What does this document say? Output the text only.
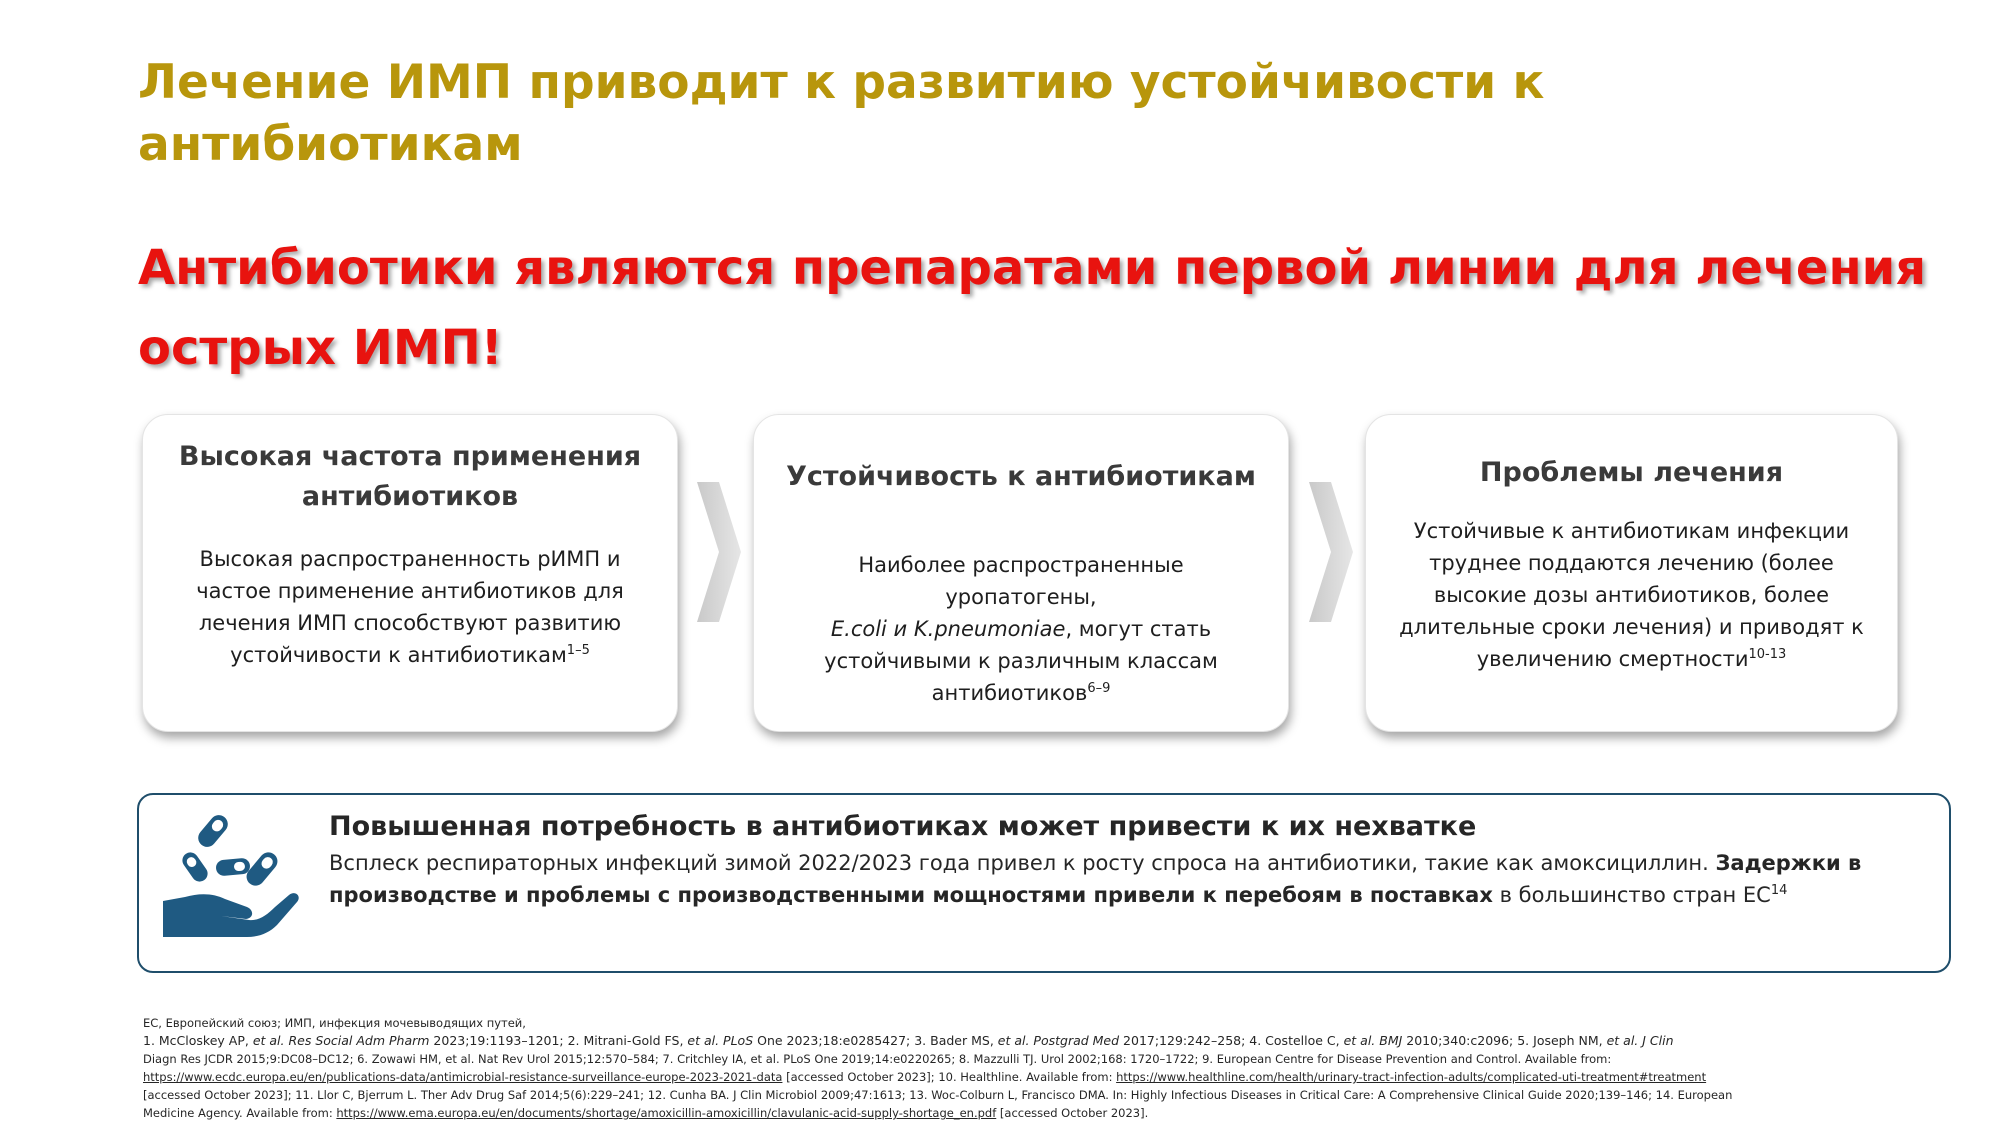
Лечение ИМП приводит к развитию устойчивости к
антибиотикам
Антибиотики являются препаратами первой линии для лечения
острых ИМП!
Высокая частота применения
антибиотиков

Высокая распространенность рИМП и
частое применение антибиотиков для
лечения ИМП способствуют развитию
устойчивости к антибиотикам$^{1-5}$

Устойчивость к антибиотикам

Наиболее распространенные
уропатогены,
E.coli и K.pneumoniae, могут стать
устойчивыми к различным классам
антибиотиков$^{6-9}$

Проблемы лечения

Устойчивые к антибиотикам инфекции
труднее поддаются лечению (более
высокие дозы антибиотиков, более
длительные сроки лечения) и приводят к
увеличению смертности$^{10-13}$

Повышенная потребность в антибиотиках может привести к их нехватке

Всплеск респираторных инфекций зимой 2022/2023 года привел к росту спроса на антибиотики, такие как амоксициллин. Задержки в
производстве и проблемы с производственными мощностями привели к перебоям в поставках в большинство стран ЕС$^{14}$

ЕС, Европейский союз; ИМП, инфекция мочевыводящих путей,
1. McCloskey AP, et al. Res Social Adm Pharm 2023;19:1193–1201; 2. Mitrani-Gold FS, et al. PLoS One 2023;18:e0285427; 3. Bader MS, et al. Postgrad Med 2017;129:242–258; 4. Costelloe C, et al. BMJ 2010;340:c2096; 5. Joseph NM, et al. J Clin
Diagn Res JCDR 2015;9:DC08–DC12; 6. Zowawi HM, et al. Nat Rev Urol 2015;12:570–584; 7. Critchley IA, et al. PLoS One 2019;14:e0220265; 8. Mazzulli TJ. Urol 2002;168: 1720–1722; 9. European Centre for Disease Prevention and Control. Available from:
https://www.ecdc.europa.eu/en/publications-data/antimicrobial-resistance-surveillance-europe-2023-2021-data [accessed October 2023]; 10. Healthline. Available from: https://www.healthline.com/health/urinary-tract-infection-adults/complicated-uti-treatment#treatment
[accessed October 2023]; 11. Llor C, Bjerrum L. Ther Adv Drug Saf 2014;5(6):229–241; 12. Cunha BA. J Clin Microbiol 2009;47:1613; 13. Woc-Colburn L, Francisco DMA. In: Highly Infectious Diseases in Critical Care: A Comprehensive Clinical Guide 2020;139–146; 14. European
Medicine Agency. Available from: https://www.ema.europa.eu/en/documents/shortage/amoxicillin-amoxicillin/clavulanic-acid-supply-shortage_en.pdf [accessed October 2023].
